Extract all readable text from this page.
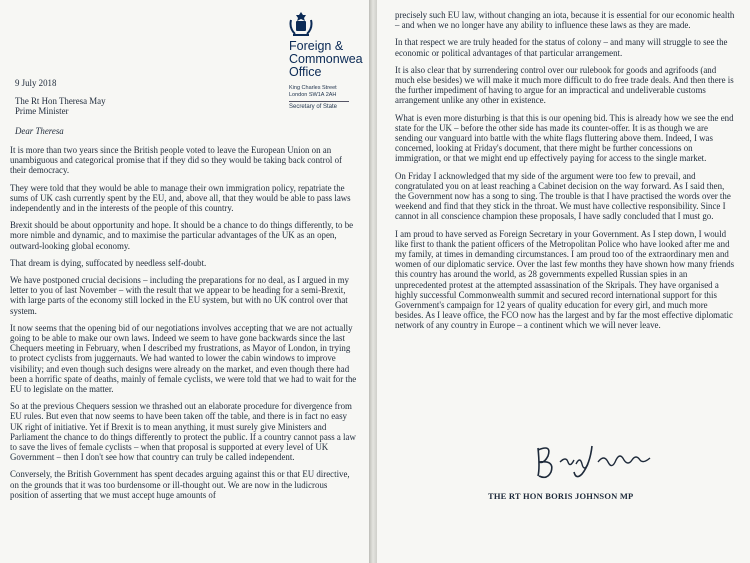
Foreign &
Commonwea
Office
King Charles Street
London SW1A 2AH
Secretary of State
9 July 2018
The Rt Hon Theresa May
Prime Minister
Dear Theresa

It is more than two years since the British people voted to leave the European Union on an unambiguous and categorical promise that if they did so they would be taking back control of their democracy.

They were told that they would be able to manage their own immigration policy, repatriate the sums of UK cash currently spent by the EU, and, above all, that they would be able to pass laws independently and in the interests of the people of this country.

Brexit should be about opportunity and hope. It should be a chance to do things differently, to be more nimble and dynamic, and to maximise the particular advantages of the UK as an open, outward-looking global economy.

That dream is dying, suffocated by needless self-doubt.

We have postponed crucial decisions – including the preparations for no deal, as I argued in my letter to you of last November – with the result that we appear to be heading for a semi-Brexit, with large parts of the economy still locked in the EU system, but with no UK control over that system.

It now seems that the opening bid of our negotiations involves accepting that we are not actually going to be able to make our own laws. Indeed we seem to have gone backwards since the last Chequers meeting in February, when I described my frustrations, as Mayor of London, in trying to protect cyclists from juggernauts. We had wanted to lower the cabin windows to improve visibility; and even though such designs were already on the market, and even though there had been a horrific spate of deaths, mainly of female cyclists, we were told that we had to wait for the EU to legislate on the matter.

So at the previous Chequers session we thrashed out an elaborate procedure for divergence from EU rules. But even that now seems to have been taken off the table, and there is in fact no easy UK right of initiative. Yet if Brexit is to mean anything, it must surely give Ministers and Parliament the chance to do things differently to protect the public. If a country cannot pass a law to save the lives of female cyclists – when that proposal is supported at every level of UK Government – then I don't see how that country can truly be called independent.

Conversely, the British Government has spent decades arguing against this or that EU directive, on the grounds that it was too burdensome or ill-thought out. We are now in the ludicrous position of asserting that we must accept huge amounts of

precisely such EU law, without changing an iota, because it is essential for our economic health – and when we no longer have any ability to influence these laws as they are made.

In that respect we are truly headed for the status of colony – and many will struggle to see the economic or political advantages of that particular arrangement.

It is also clear that by surrendering control over our rulebook for goods and agrifoods (and much else besides) we will make it much more difficult to do free trade deals. And then there is the further impediment of having to argue for an impractical and undeliverable customs arrangement unlike any other in existence.

What is even more disturbing is that this is our opening bid. This is already how we see the end state for the UK – before the other side has made its counter-offer. It is as though we are sending our vanguard into battle with the white flags fluttering above them. Indeed, I was concerned, looking at Friday's document, that there might be further concessions on immigration, or that we might end up effectively paying for access to the single market.

On Friday I acknowledged that my side of the argument were too few to prevail, and congratulated you on at least reaching a Cabinet decision on the way forward. As I said then, the Government now has a song to sing. The trouble is that I have practised the words over the weekend and find that they stick in the throat. We must have collective responsibility. Since I cannot in all conscience champion these proposals, I have sadly concluded that I must go.

I am proud to have served as Foreign Secretary in your Government. As I step down, I would like first to thank the patient officers of the Metropolitan Police who have looked after me and my family, at times in demanding circumstances. I am proud too of the extraordinary men and women of our diplomatic service. Over the last few months they have shown how many friends this country has around the world, as 28 governments expelled Russian spies in an unprecedented protest at the attempted assassination of the Skripals. They have organised a highly successful Commonwealth summit and secured record international support for this Government's campaign for 12 years of quality education for every girl, and much more besides. As I leave office, the FCO now has the largest and by far the most effective diplomatic network of any country in Europe – a continent which we will never leave.

THE RT HON BORIS JOHNSON MP
